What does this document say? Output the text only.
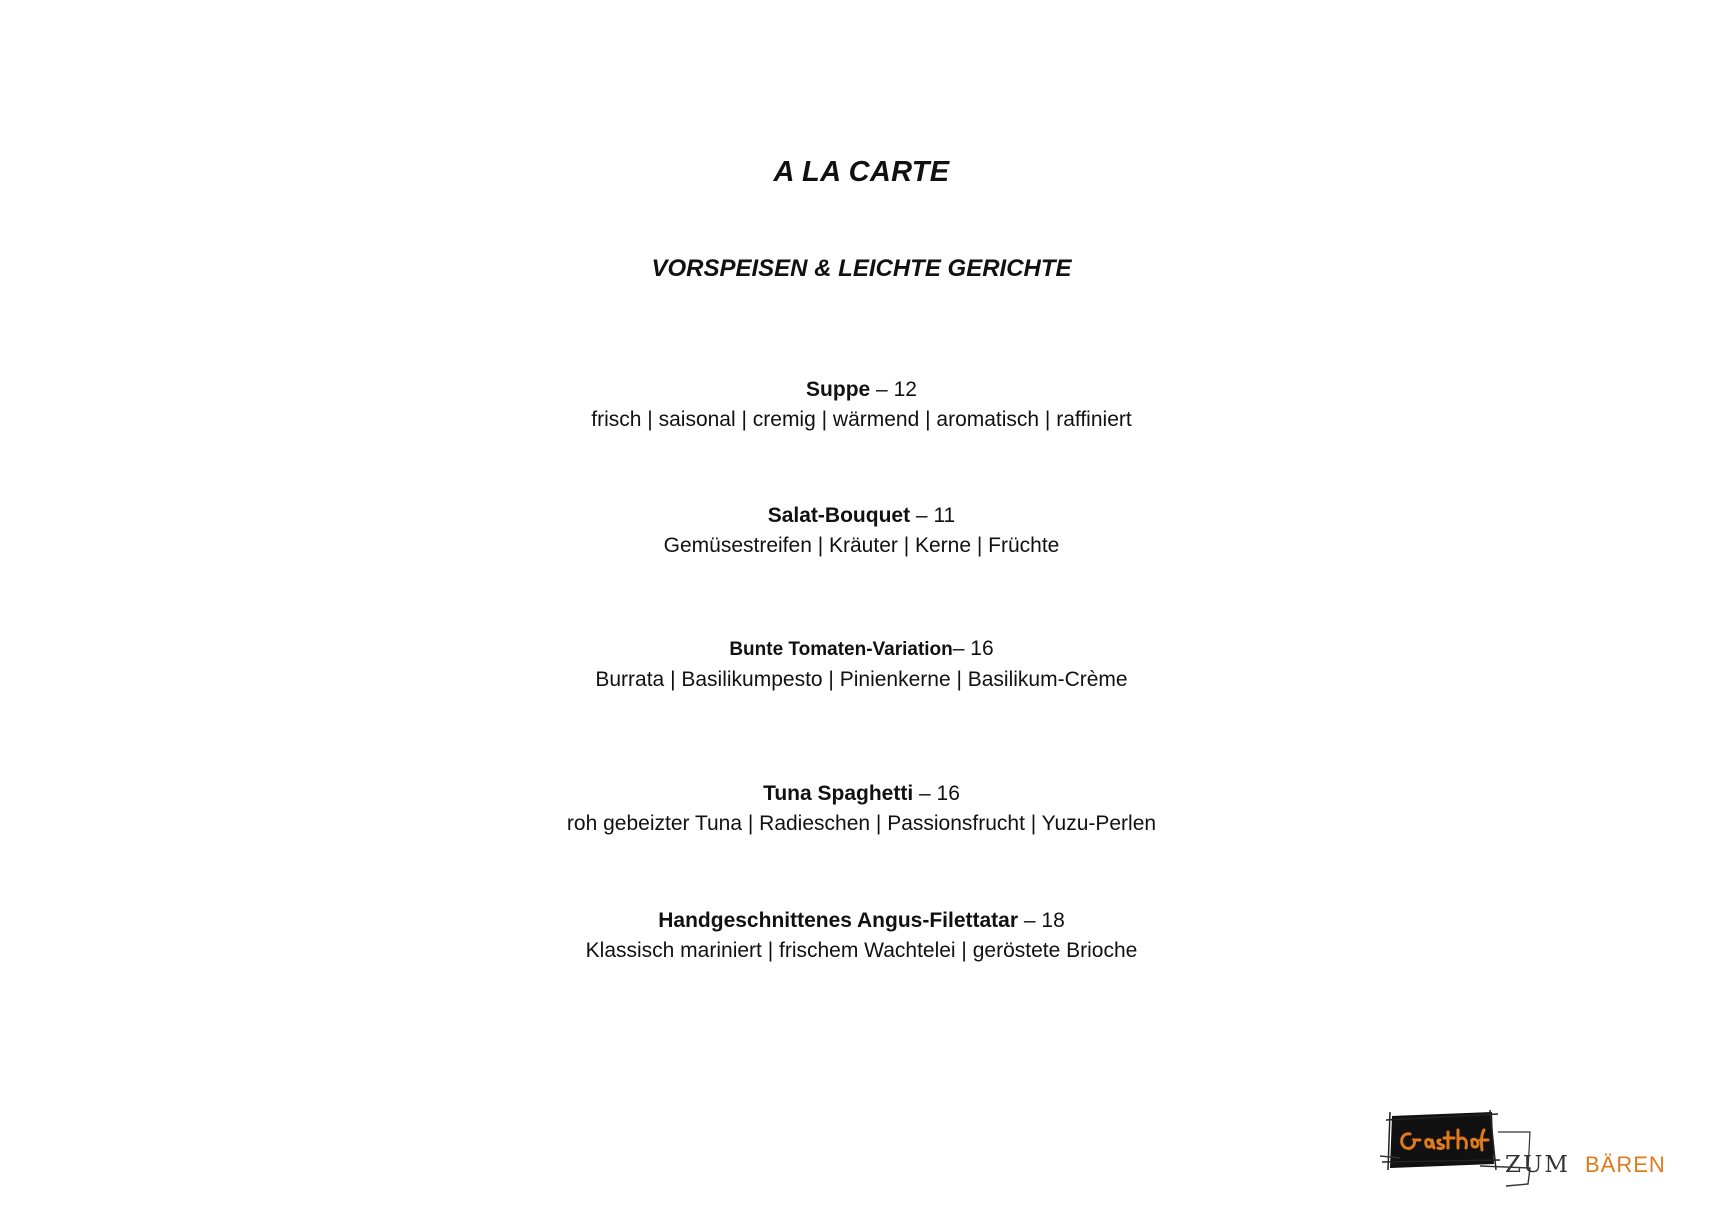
A LA CARTE
VORSPEISEN & LEICHTE GERICHTE
Suppe – 12
frisch | saisonal | cremig | wärmend | aromatisch | raffiniert
Salat-Bouquet – 11
Gemüsestreifen | Kräuter | Kerne | Früchte
Bunte Tomaten-Variation– 16
Burrata | Basilikumpesto | Pinienkerne | Basilikum-Crème
Tuna Spaghetti – 16
roh gebeizter Tuna | Radieschen | Passionsfrucht | Yuzu-Perlen
Handgeschnittenes Angus-Filettatar – 18
Klassisch mariniert | frischem Wachtelei | geröstete Brioche
ZUM BÄREN
